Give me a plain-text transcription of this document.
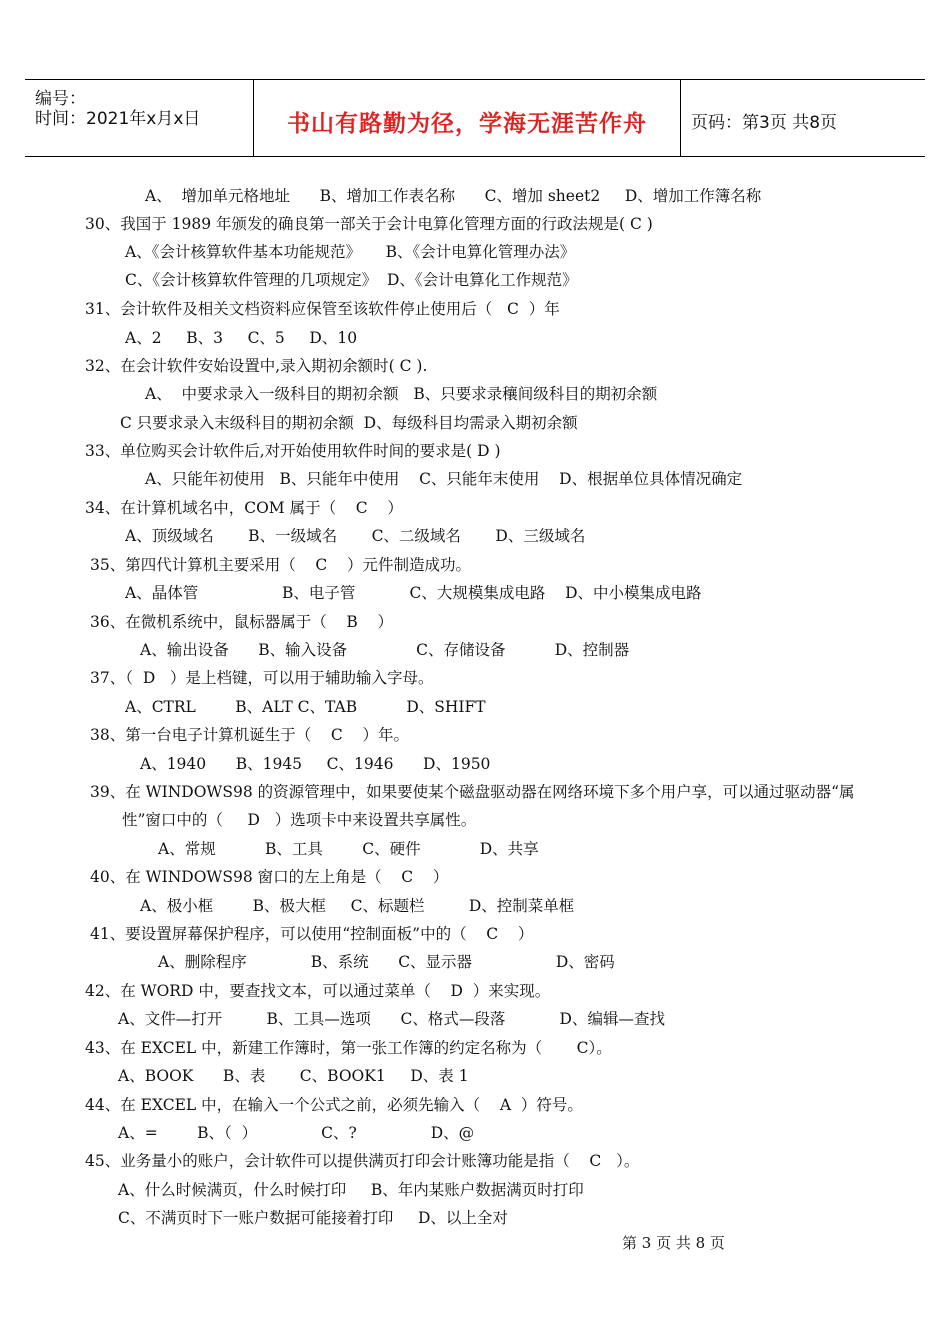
编号：
时间：2021年x月x日	书山有路勤为径，学海无涯苦作舟	页码：第3页 共8页
A、  增加单元格地址      B、增加工作表名称      C、增加 sheet2     D、增加工作簿名称
30、我国于 1989 年颁发的确良第一部关于会计电算化管理方面的行政法规是( C )
A、《会计核算软件基本功能规范》     B、《会计电算化管理办法》
C、《会计核算软件管理的几项规定》  D、《会计电算化工作规范》
31、会计软件及相关文档资料应保管至该软件停止使用后（   C  ）年
A、2     B、3     C、5     D、10
32、在会计软件安始设置中,录入期初余额时( C ).
A、  中要求录入一级科目的期初余额   B、只要求录穰间级科目的期初余额
C 只要求录入末级科目的期初余额  D、每级科目均需录入期初余额
33、单位购买会计软件后,对开始使用软件时间的要求是( D )
A、只能年初使用   B、只能年中使用    C、只能年末使用    D、根据单位具体情况确定
34、在计算机域名中，COM 属于（    C    ）
A、顶级域名       B、一级域名       C、二级域名       D、三级域名
35、第四代计算机主要采用（    C    ）元件制造成功。
A、晶体管                 B、电子管           C、大规模集成电路    D、中小模集成电路
36、在微机系统中，鼠标器属于（    B    ）
A、输出设备      B、输入设备              C、存储设备          D、控制器
37、（  D   ）是上档键，可以用于辅助输入字母。
A、CTRL        B、ALT C、TAB          D、SHIFT
38、第一台电子计算机诞生于（    C    ）年。
A、1940      B、1945     C、1946      D、1950
39、在 WINDOWS98 的资源管理中，如果要使某个磁盘驱动器在网络环境下多个用户享，可以通过驱动器“属
性”窗口中的（     D   ）选项卡中来设置共享属性。
A、常规          B、工具        C、硬件            D、共享
40、在 WINDOWS98 窗口的左上角是（    C    ）
A、极小框        B、极大框     C、标题栏         D、控制菜单框
41、要设置屏幕保护程序，可以使用“控制面板”中的（    C    ）
A、删除程序             B、系统      C、显示器                 D、密码
42、在 WORD 中，要查找文本，可以通过菜单（    D  ）来实现。
A、文件—打开         B、工具—选项      C、格式—段落           D、编辑—查找
43、在 EXCEL 中，新建工作簿时，第一张工作簿的约定名称为（       C）。
A、BOOK      B、表       C、BOOK1     D、表 1
44、在 EXCEL 中，在输入一个公式之前，必须先输入（    A  ）符号。
A、=        B、（  ）             C、?               D、@
45、业务量小的账户，会计软件可以提供满页打印会计账簿功能是指（    C   ）。
A、什么时候满页，什么时候打印     B、年内某账户数据满页时打印
C、不满页时下一账户数据可能接着打印     D、以上全对
第 3 页 共 8 页
